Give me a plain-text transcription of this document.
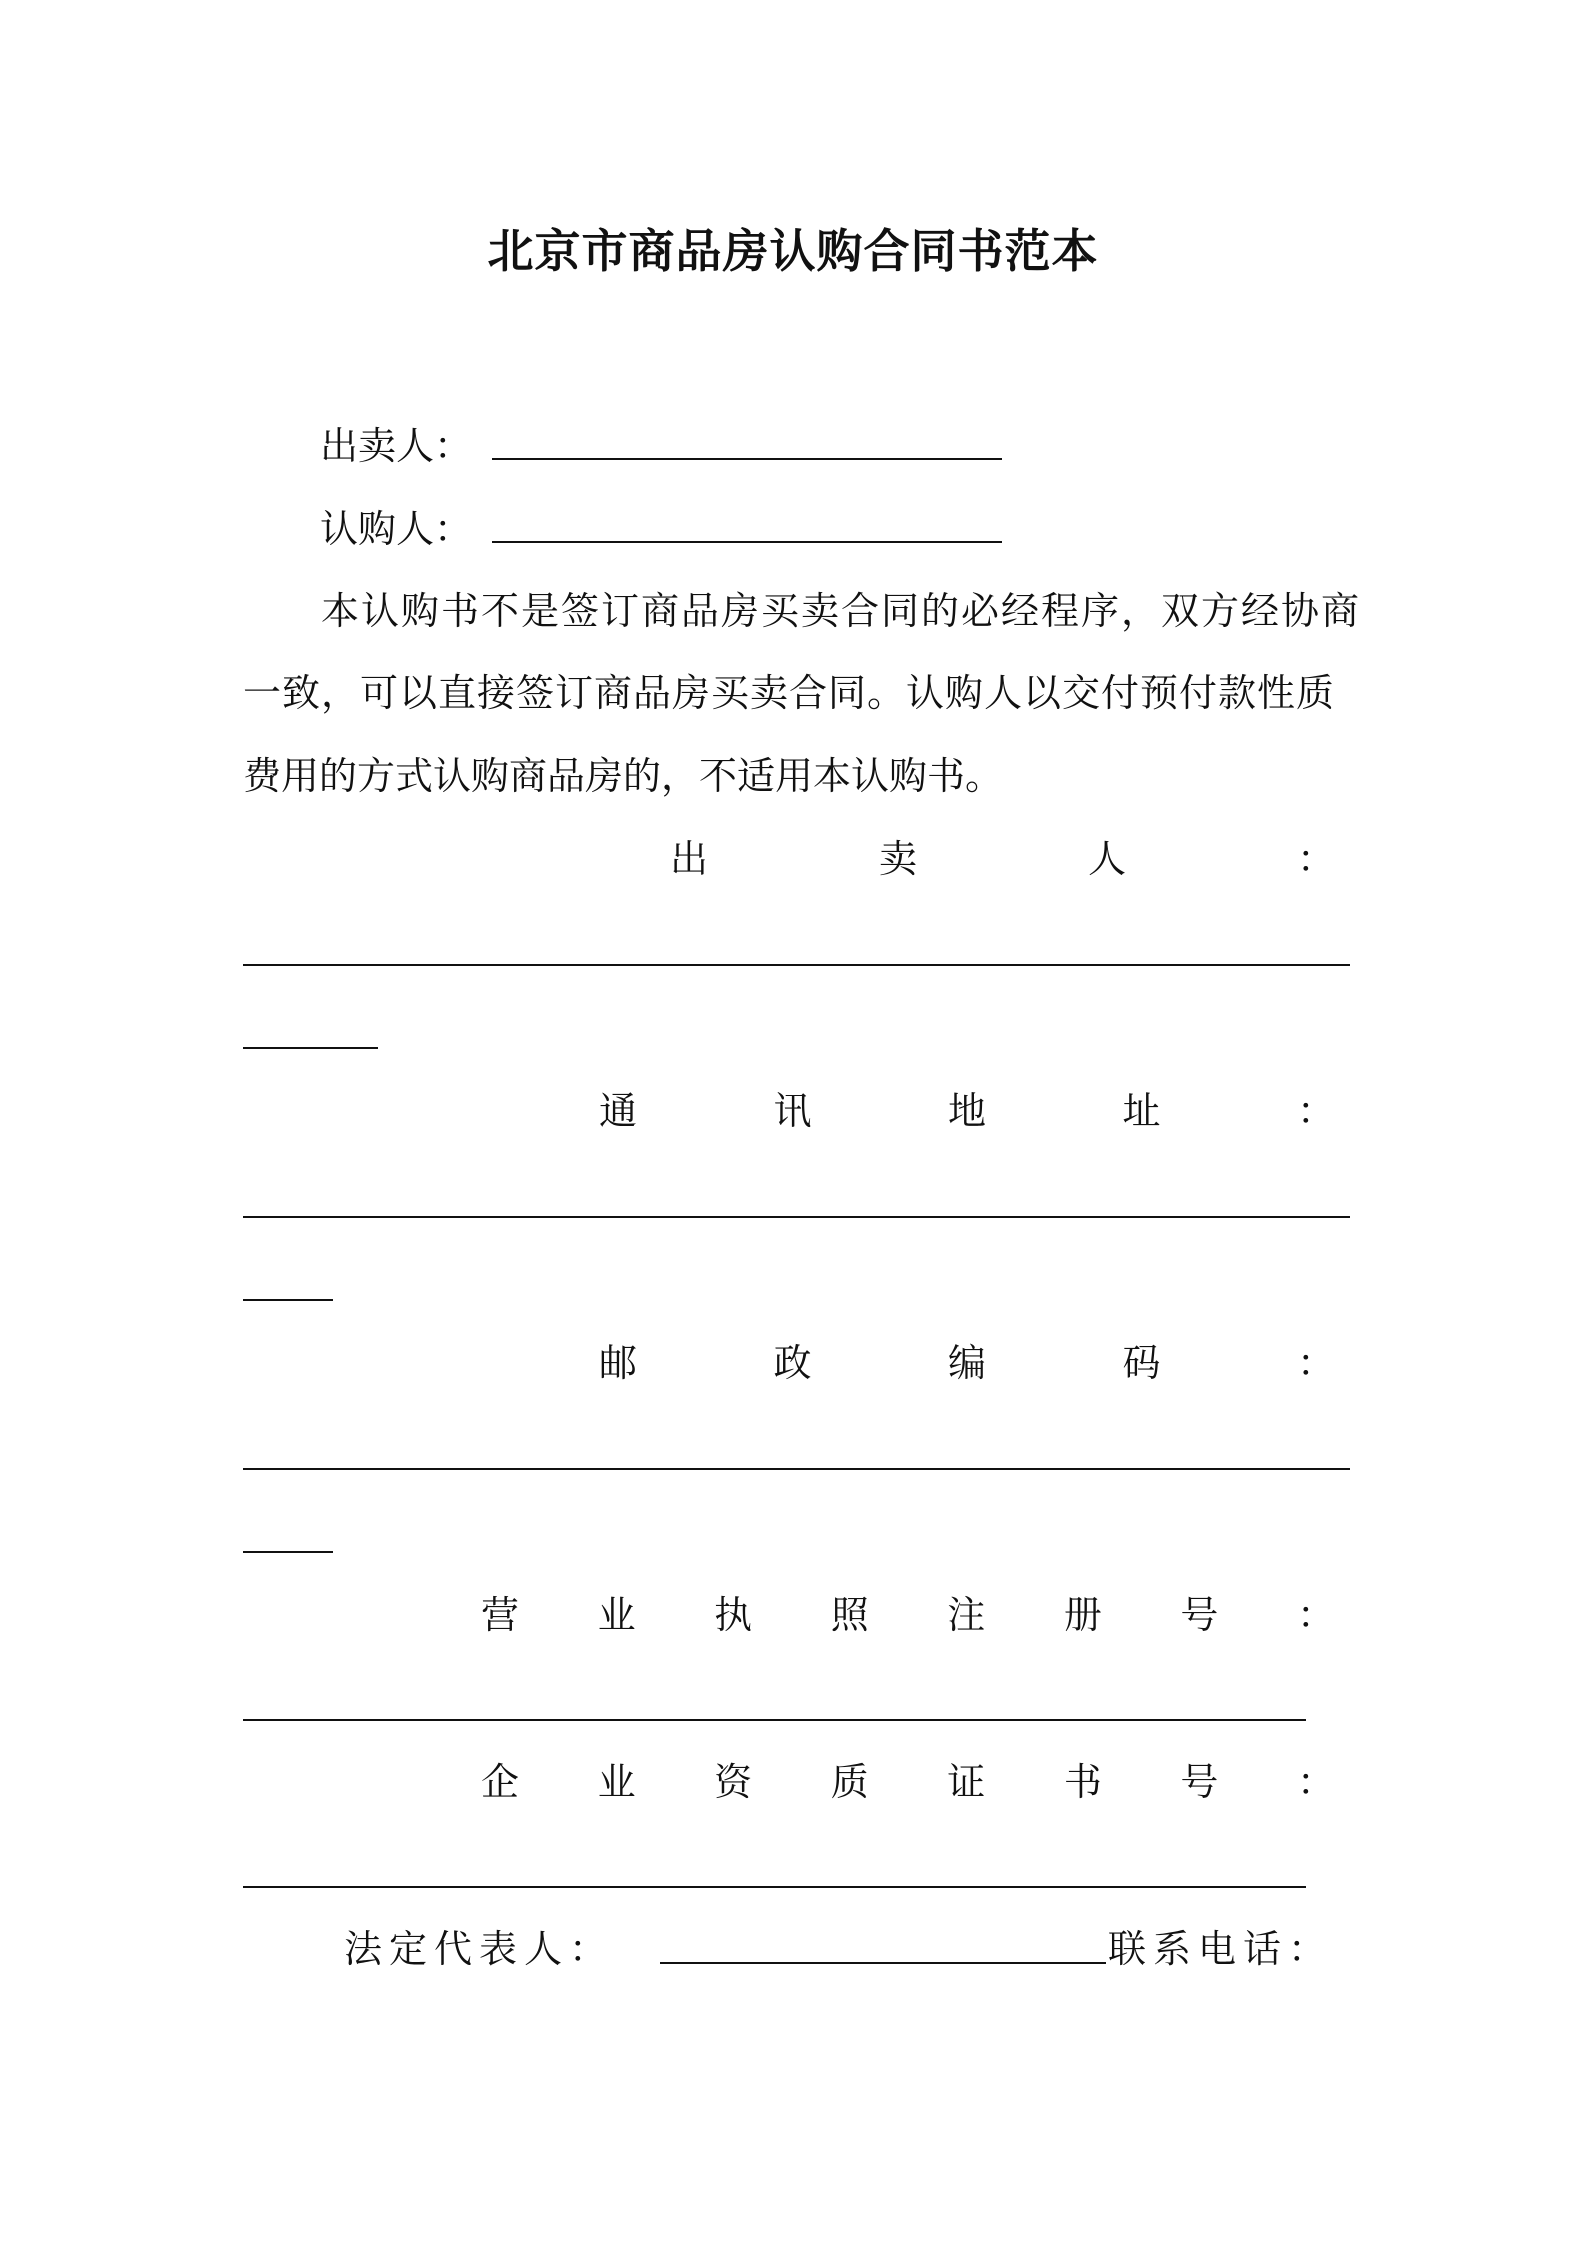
北京市商品房认购合同书范本
出卖人：
认购人：
本认购书不是签订商品房买卖合同的必经程序，双方经协商
一致，可以直接签订商品房买卖合同。认购人以交付预付款性质
费用的方式认购商品房的，不适用本认购书。
出	卖	人	：
通	讯	地	址	：
邮	政	编	码	：
营 业 执 照 注 册 号 ：
企 业 资 质 证 书 号 ：
法定代表人：	联系电话：
